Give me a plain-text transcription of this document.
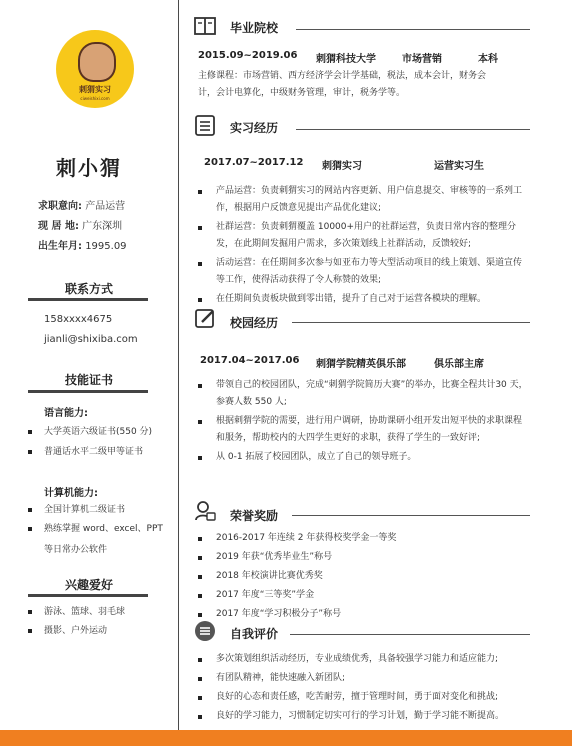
刺猬实习
ciweishixi.com
刺小猬
求职意向: 产品运营
现 居 地: 广东深圳
出生年月: 1995.09
联系方式
158xxxx4675
jianli@shixiba.com
技能证书
语言能力:
大学英语六级证书(550 分)
普通话水平二级甲等证书
计算机能力:
全国计算机二级证书
熟练掌握 word、excel、PPT
等日常办公软件
兴趣爱好
游泳、篮球、羽毛球
摄影、户外运动
毕业院校
2015.09~2019.06 刺猬科技大学	市场营销	本科
主修课程：市场营销、西方经济学会计学基础，税法，成本会计，财务会
计，会计电算化，中级财务管理，审计，税务学等。
实习经历
2017.07~2017.12 刺猬实习	运营实习生
产品运营：负责刺猬实习的网站内容更新、用户信息提交、审核等的一系列工作，根据用户反馈意见提出产品优化建议;
社群运营：负责刺猬覆盖 10000+用户的社群运营，负责日常内容的整理分发，在此期间发掘用户需求，多次策划线上社群活动，反馈较好;
活动运营：在任期间多次参与如亚布力等大型活动项目的线上策划、渠道宣传等工作，使得活动获得了令人称赞的效果;
在任期间负责板块做到零出错，提升了自己对于运营各模块的理解。
校园经历
2017.04~2017.06 刺猬学院精英俱乐部	俱乐部主席
带领自己的校园团队，完成“刺猬学院简历大赛”的举办，比赛全程共计30 天，参赛人数 550 人;
根据刺猬学院的需要，进行用户调研，协助课研小组开发出短平快的求职课程和服务，帮助校内的大四学生更好的求职，获得了学生的一致好评;
从 0-1 拓展了校园团队，成立了自己的领导班子。
荣誉奖励
2016-2017 年连续 2 年获得校奖学金一等奖
2019 年获“优秀毕业生”称号
2018 年校演讲比赛优秀奖
2017 年度“三等奖”学金
2017 年度“学习积极分子”称号
自我评价
多次策划组织活动经历，专业成绩优秀，具备较强学习能力和适应能力;
有团队精神，能快速融入新团队;
良好的心态和责任感，吃苦耐劳，擅于管理时间，勇于面对变化和挑战;
良好的学习能力，习惯制定切实可行的学习计划，勤于学习能不断提高。
